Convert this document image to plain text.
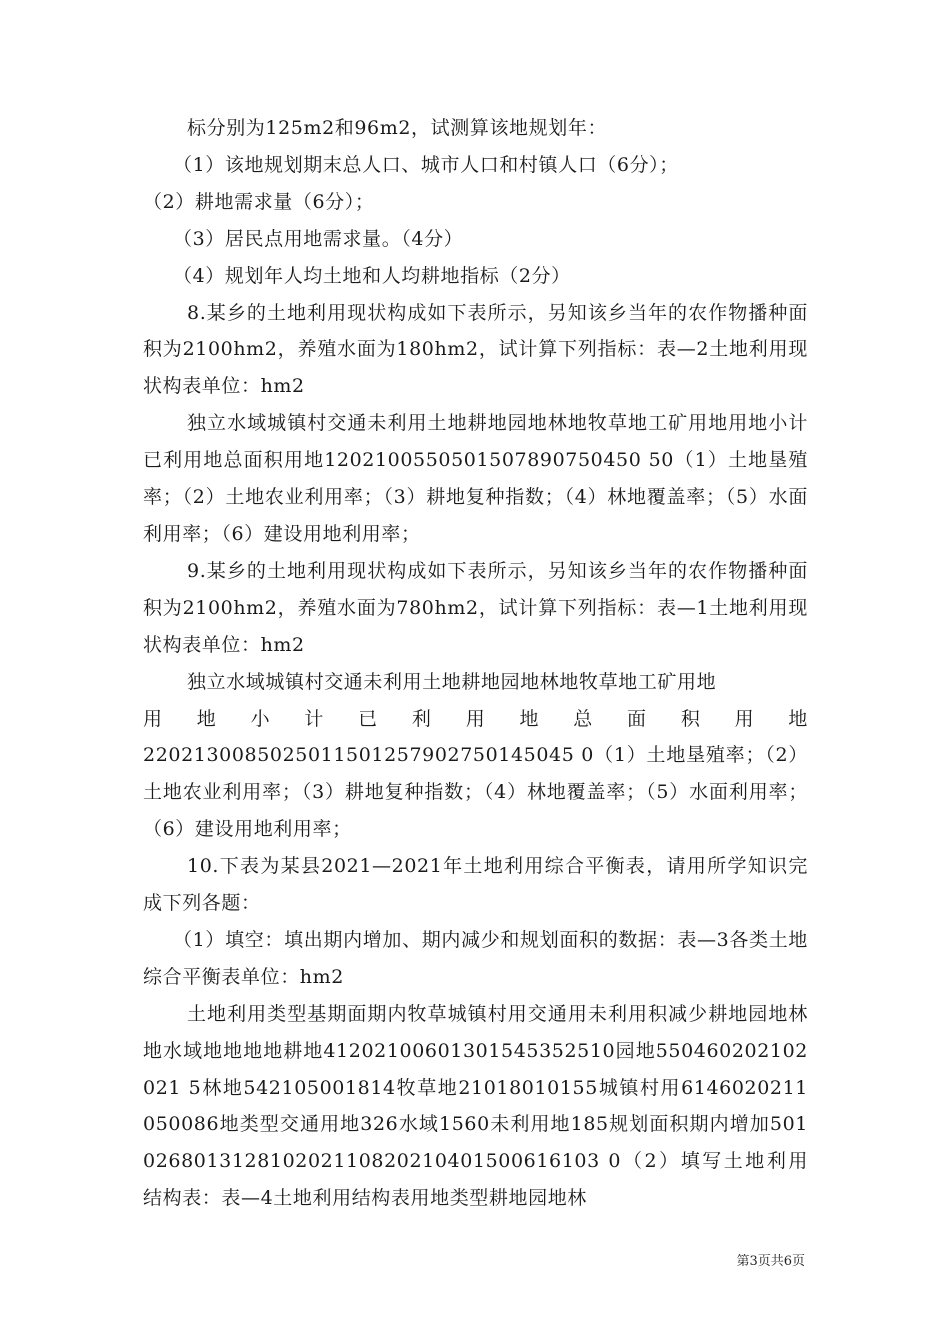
标分别为125m2和96m2，试测算该地规划年：

（1）该地规划期末总人口、城市人口和村镇人口（6分）；

（2）耕地需求量（6分）；

（3）居民点用地需求量。（4分）

（4）规划年人均土地和人均耕地指标（2分）

8.某乡的土地利用现状构成如下表所示，另知该乡当年的农作物播种面积为2100hm2，养殖水面为180hm2，试计算下列指标：表—2土地利用现状构表单位：hm2

独立水域城镇村交通未利用土地耕地园地林地牧草地工矿用地用地小计已利用地总面积用地1202100550501507890750450 50（1）土地垦殖率；（2）土地农业利用率；（3）耕地复种指数；（4）林地覆盖率；（5）水面利用率；（6）建设用地利用率；

9.某乡的土地利用现状构成如下表所示，另知该乡当年的农作物播种面积为2100hm2，养殖水面为780hm2，试计算下列指标：表—1土地利用现状构表单位：hm2

独立水域城镇村交通未利用土地耕地园地林地牧草地工矿用地

用地小计已利用地总面积用地

2202130085025011501257902750145045 0（1）土地垦殖率；（2）土地农业利用率；（3）耕地复种指数；（4）林地覆盖率；（5）水面利用率；（6）建设用地利用率；

10.下表为某县2021—2021年土地利用综合平衡表，请用所学知识完成下列各题：

（1）填空：填出期内增加、期内减少和规划面积的数据：表—3各类土地综合平衡表单位：hm2

土地利用类型基期面期内牧草城镇村用交通用未利用积减少耕地园地林地水域地地地地耕地41202100601301545352510园地550460202102021 5林地542105001814牧草地21018010155城镇村用6146020211050086地类型交通用地326水域1560未利用地185规划面积期内增加501026801312810202110820210401500616103 0（2）填写土地利用结构表：表—4土地利用结构表用地类型耕地园地林

第3页共6页
